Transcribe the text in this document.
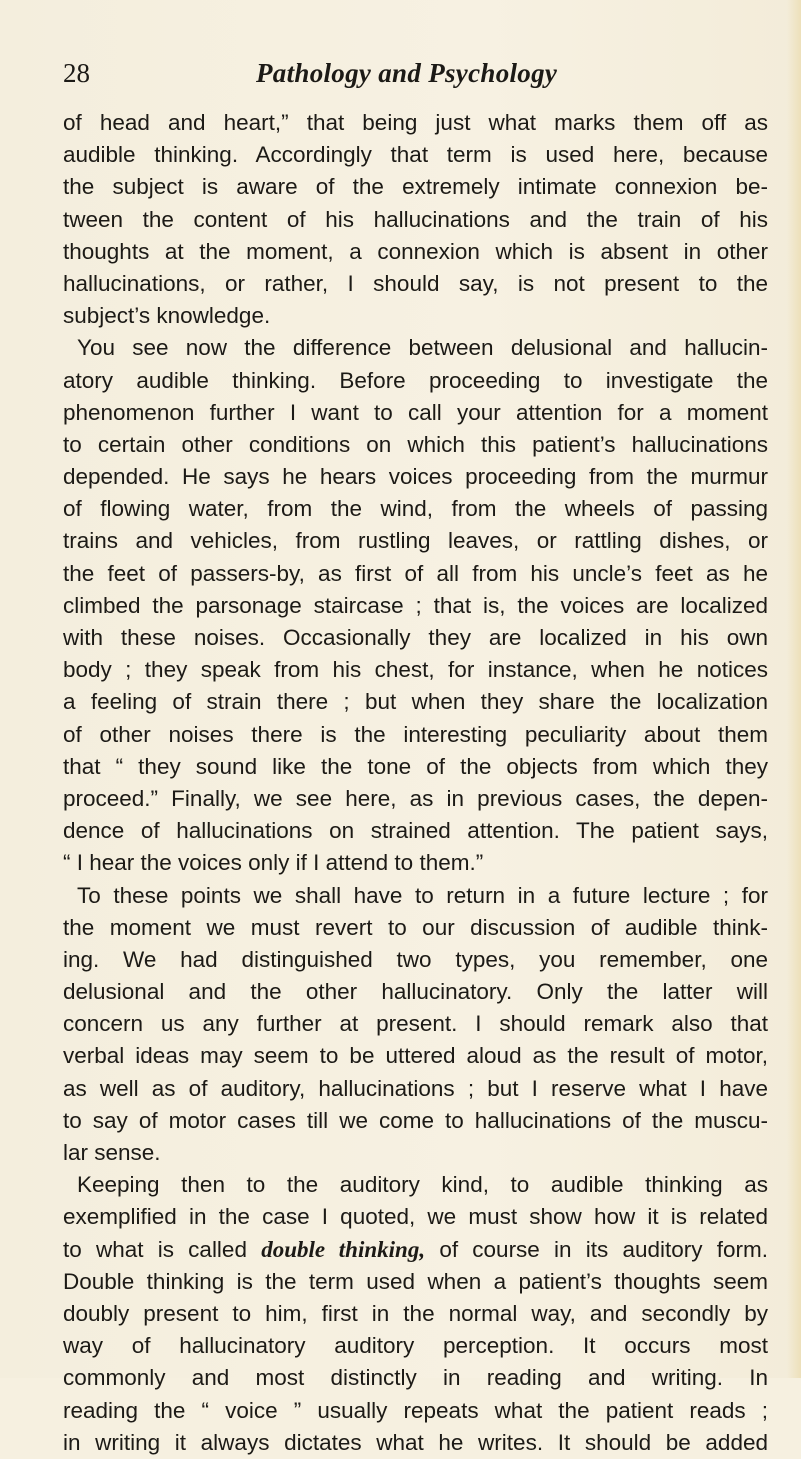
28	Pathology and Psychology
of head and heart,” that being just what marks them off as
audible thinking. Accordingly that term is used here, because
the subject is aware of the extremely intimate connexion be-
tween the content of his hallucinations and the train of his
thoughts at the moment, a connexion which is absent in other
hallucinations, or rather, I should say, is not present to the
subject’s knowledge.
You see now the difference between delusional and hallucin-
atory audible thinking. Before proceeding to investigate the
phenomenon further I want to call your attention for a moment
to certain other conditions on which this patient’s hallucinations
depended. He says he hears voices proceeding from the murmur
of flowing water, from the wind, from the wheels of passing
trains and vehicles, from rustling leaves, or rattling dishes, or
the feet of passers-by, as first of all from his uncle’s feet as he
climbed the parsonage staircase ; that is, the voices are localized
with these noises. Occasionally they are localized in his own
body ; they speak from his chest, for instance, when he notices
a feeling of strain there ; but when they share the localization
of other noises there is the interesting peculiarity about them
that “ they sound like the tone of the objects from which they
proceed.” Finally, we see here, as in previous cases, the depen-
dence of hallucinations on strained attention. The patient says,
“ I hear the voices only if I attend to them.”
To these points we shall have to return in a future lecture ; for
the moment we must revert to our discussion of audible think-
ing. We had distinguished two types, you remember, one
delusional and the other hallucinatory. Only the latter will
concern us any further at present. I should remark also that
verbal ideas may seem to be uttered aloud as the result of motor,
as well as of auditory, hallucinations ; but I reserve what I have
to say of motor cases till we come to hallucinations of the muscu-
lar sense.
Keeping then to the auditory kind, to audible thinking as
exemplified in the case I quoted, we must show how it is related
to what is called double thinking, of course in its auditory form.
Double thinking is the term used when a patient’s thoughts seem
doubly present to him, first in the normal way, and secondly by
way of hallucinatory auditory perception. It occurs most
commonly and most distinctly in reading and writing. In
reading the “ voice ” usually repeats what the patient reads ;
in writing it always dictates what he writes. It should be added
